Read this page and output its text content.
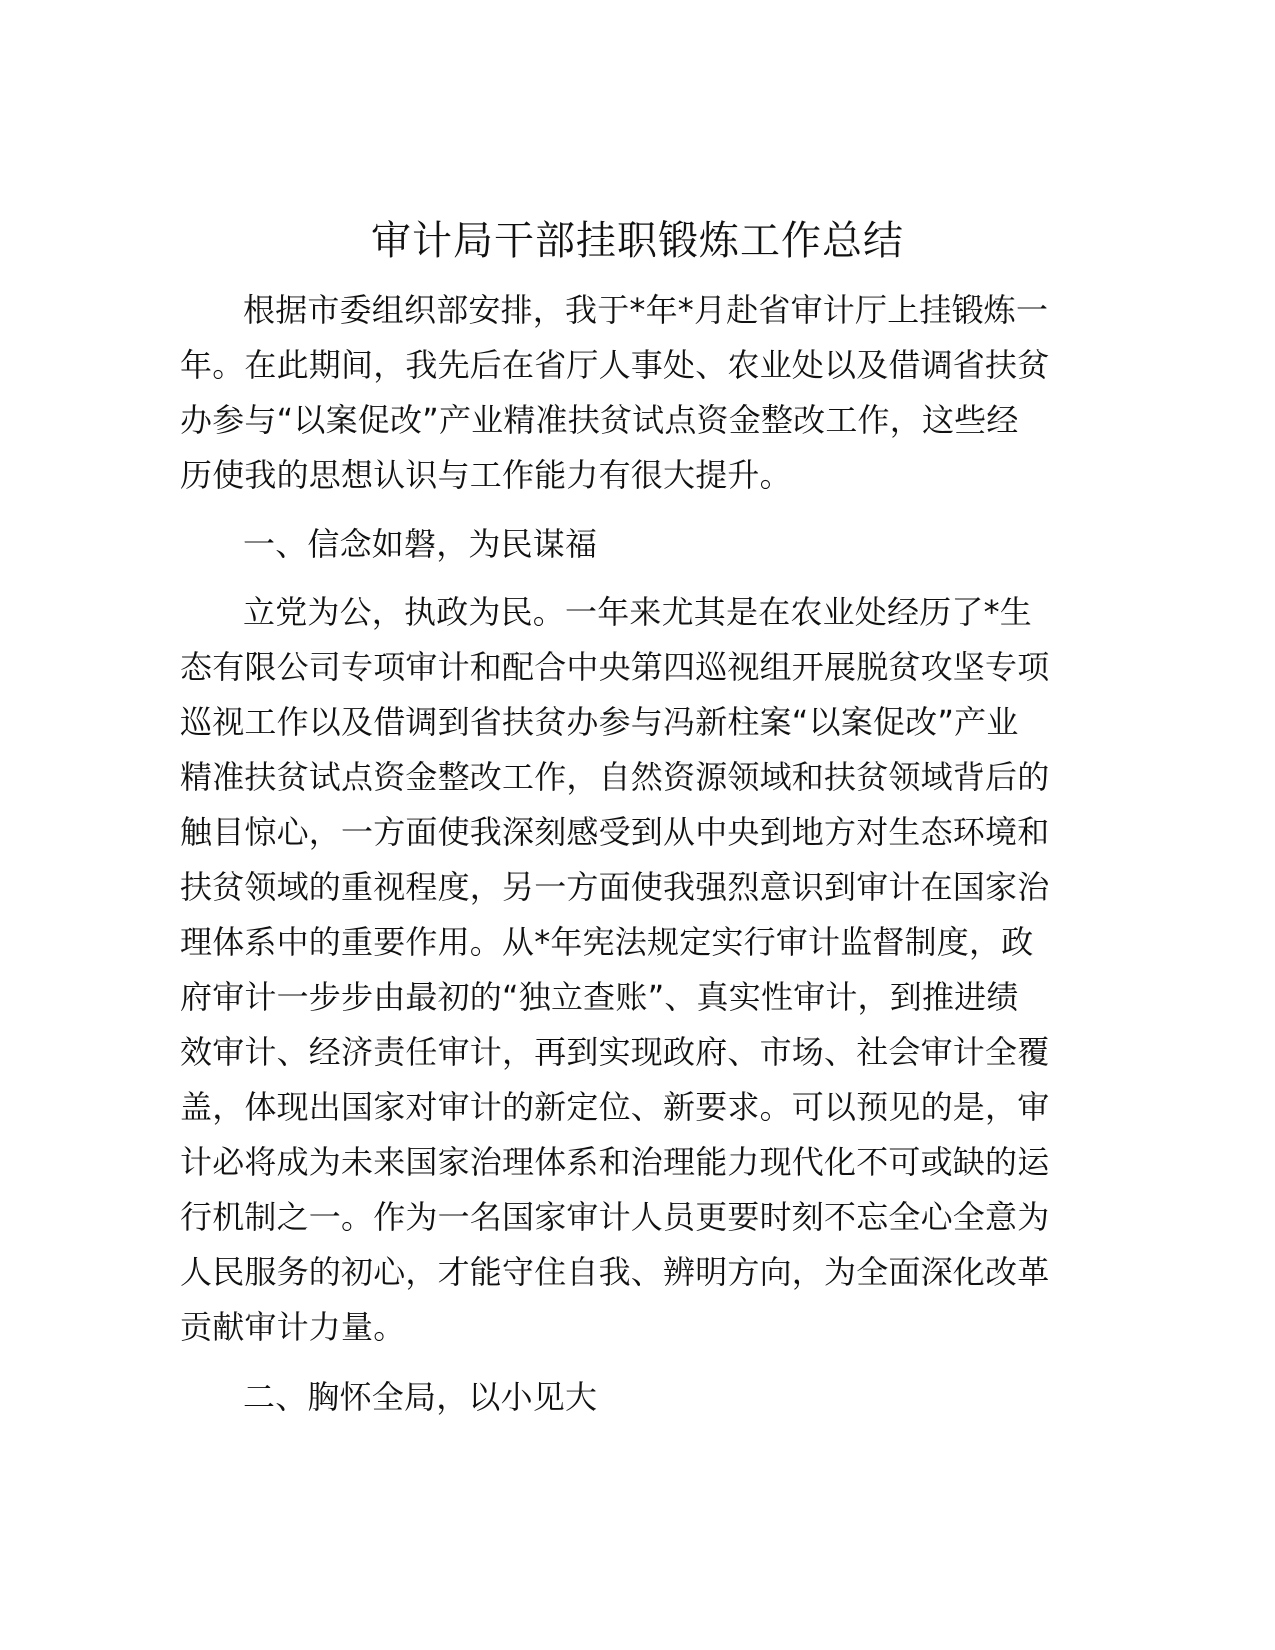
审计局干部挂职锻炼工作总结
根据市委组织部安排，我于*年*月赴省审计厅上挂锻炼一
年。在此期间，我先后在省厅人事处、农业处以及借调省扶贫
办参与“以案促改”产业精准扶贫试点资金整改工作，这些经
历使我的思想认识与工作能力有很大提升。
一、信念如磐，为民谋福
立党为公，执政为民。一年来尤其是在农业处经历了*生
态有限公司专项审计和配合中央第四巡视组开展脱贫攻坚专项
巡视工作以及借调到省扶贫办参与冯新柱案“以案促改”产业
精准扶贫试点资金整改工作，自然资源领域和扶贫领域背后的
触目惊心，一方面使我深刻感受到从中央到地方对生态环境和
扶贫领域的重视程度，另一方面使我强烈意识到审计在国家治
理体系中的重要作用。从*年宪法规定实行审计监督制度，政
府审计一步步由最初的“独立查账”、真实性审计，到推进绩
效审计、经济责任审计，再到实现政府、市场、社会审计全覆
盖，体现出国家对审计的新定位、新要求。可以预见的是，审
计必将成为未来国家治理体系和治理能力现代化不可或缺的运
行机制之一。作为一名国家审计人员更要时刻不忘全心全意为
人民服务的初心，才能守住自我、辨明方向，为全面深化改革
贡献审计力量。
二、胸怀全局，以小见大
